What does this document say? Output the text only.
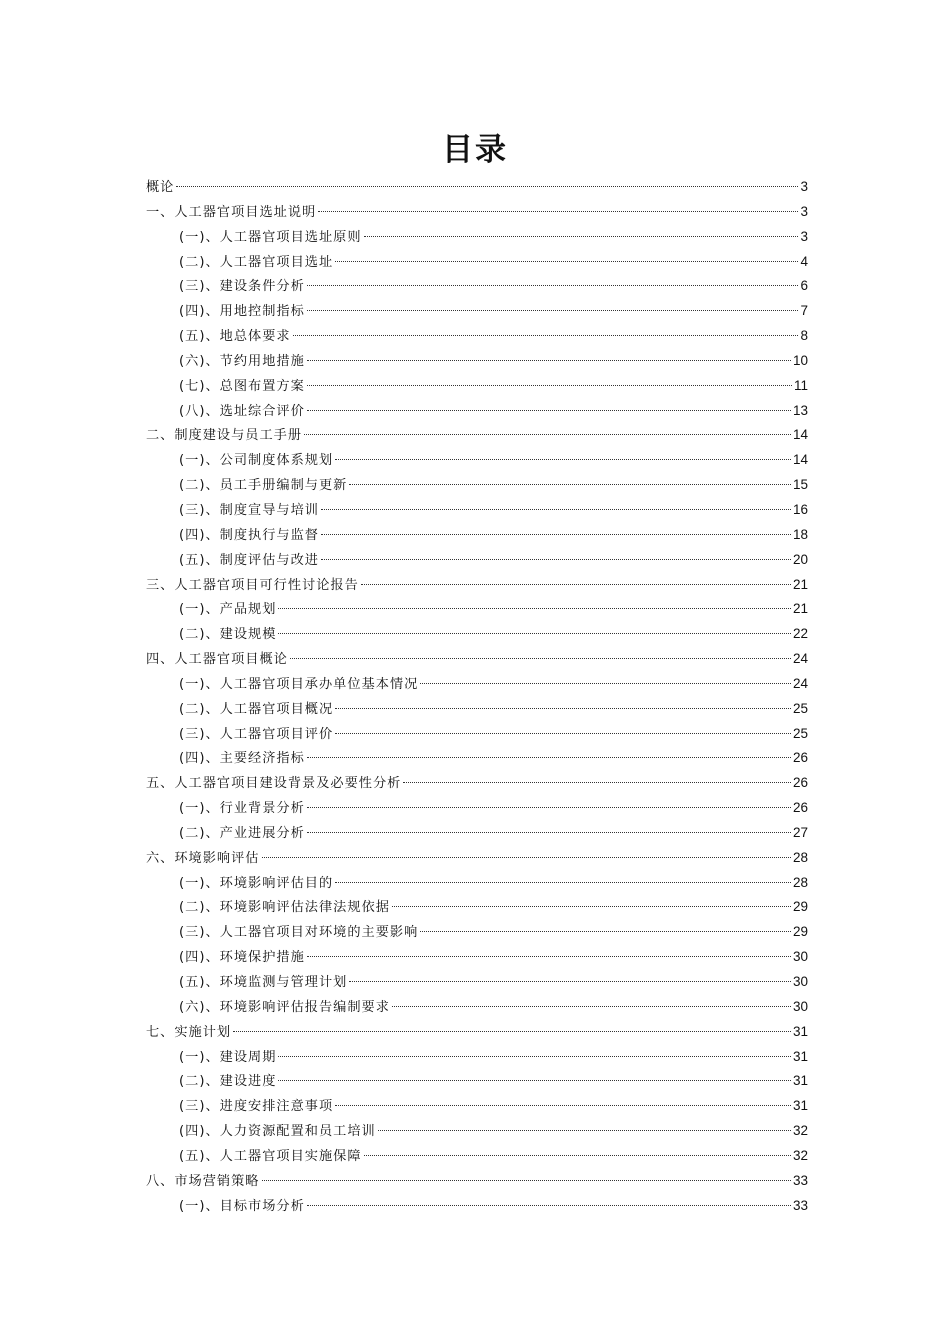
目录
概论	3
一、人工器官项目选址说明	3
(一)、人工器官项目选址原则	3
(二)、人工器官项目选址	4
(三)、建设条件分析	6
(四)、用地控制指标	7
(五)、地总体要求	8
(六)、节约用地措施	10
(七)、总图布置方案	11
(八)、选址综合评价	13
二、制度建设与员工手册	14
(一)、公司制度体系规划	14
(二)、员工手册编制与更新	15
(三)、制度宣导与培训	16
(四)、制度执行与监督	18
(五)、制度评估与改进	20
三、人工器官项目可行性讨论报告	21
(一)、产品规划	21
(二)、建设规模	22
四、人工器官项目概论	24
(一)、人工器官项目承办单位基本情况	24
(二)、人工器官项目概况	25
(三)、人工器官项目评价	25
(四)、主要经济指标	26
五、人工器官项目建设背景及必要性分析	26
(一)、行业背景分析	26
(二)、产业进展分析	27
六、环境影响评估	28
(一)、环境影响评估目的	28
(二)、环境影响评估法律法规依据	29
(三)、人工器官项目对环境的主要影响	29
(四)、环境保护措施	30
(五)、环境监测与管理计划	30
(六)、环境影响评估报告编制要求	30
七、实施计划	31
(一)、建设周期	31
(二)、建设进度	31
(三)、进度安排注意事项	31
(四)、人力资源配置和员工培训	32
(五)、人工器官项目实施保障	32
八、市场营销策略	33
(一)、目标市场分析	33
